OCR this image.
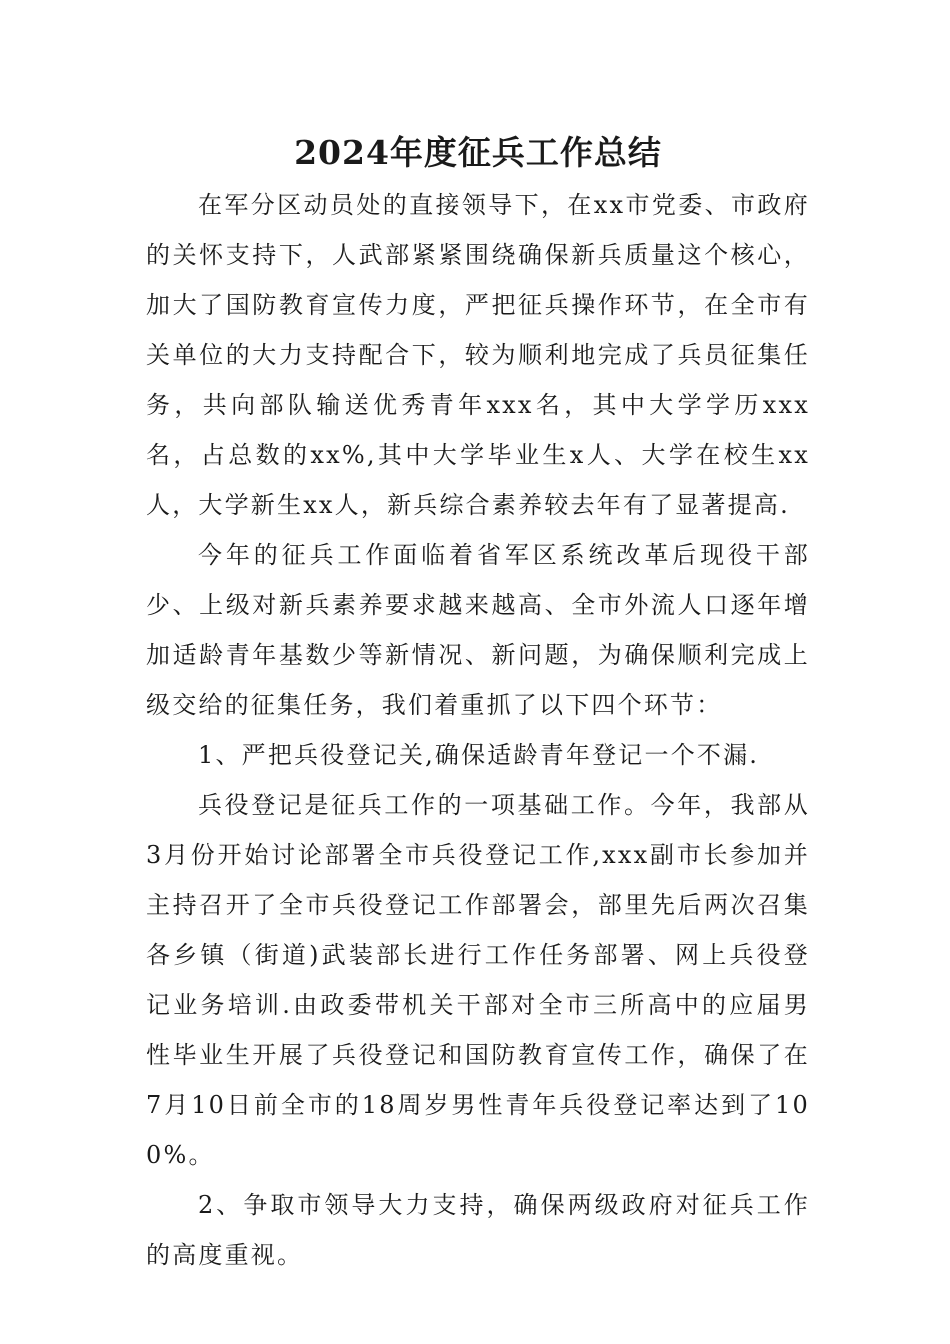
2024年度征兵工作总结

在军分区动员处的直接领导下，在xx市党委、市政府的关怀支持下，人武部紧紧围绕确保新兵质量这个核心，加大了国防教育宣传力度，严把征兵操作环节，在全市有关单位的大力支持配合下，较为顺利地完成了兵员征集任务，共向部队输送优秀青年xxx名，其中大学学历xxx名，占总数的xx%,其中大学毕业生x人、大学在校生xx人，大学新生xx人，新兵综合素养较去年有了显著提高.

今年的征兵工作面临着省军区系统改革后现役干部少、上级对新兵素养要求越来越高、全市外流人口逐年增加适龄青年基数少等新情况、新问题，为确保顺利完成上级交给的征集任务，我们着重抓了以下四个环节：

1、严把兵役登记关,确保适龄青年登记一个不漏.

兵役登记是征兵工作的一项基础工作。今年，我部从3月份开始讨论部署全市兵役登记工作,xxx副市长参加并主持召开了全市兵役登记工作部署会，部里先后两次召集各乡镇（街道)武装部长进行工作任务部署、网上兵役登记业务培训.由政委带机关干部对全市三所高中的应届男性毕业生开展了兵役登记和国防教育宣传工作，确保了在7月10日前全市的18周岁男性青年兵役登记率达到了100%。

2、争取市领导大力支持，确保两级政府对征兵工作的高度重视。
